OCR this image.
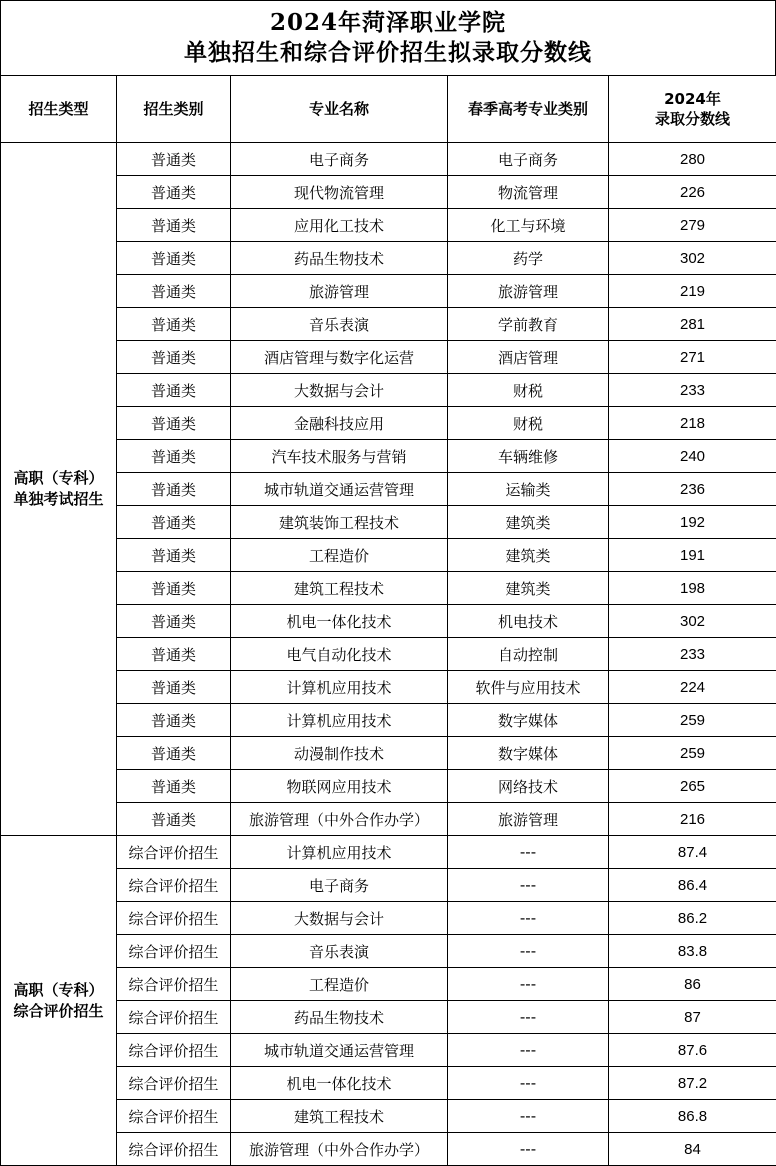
2024年菏泽职业学院
单独招生和综合评价招生拟录取分数线
招生类型	招生类别	专业名称	春季高考专业类别	2024年
录取分数线
高职（专科）
单独考试招生	普通类	电子商务	电子商务	280
	普通类	现代物流管理	物流管理	226
	普通类	应用化工技术	化工与环境	279
	普通类	药品生物技术	药学	302
	普通类	旅游管理	旅游管理	219
	普通类	音乐表演	学前教育	281
	普通类	酒店管理与数字化运营	酒店管理	271
	普通类	大数据与会计	财税	233
	普通类	金融科技应用	财税	218
	普通类	汽车技术服务与营销	车辆维修	240
	普通类	城市轨道交通运营管理	运输类	236
	普通类	建筑装饰工程技术	建筑类	192
	普通类	工程造价	建筑类	191
	普通类	建筑工程技术	建筑类	198
	普通类	机电一体化技术	机电技术	302
	普通类	电气自动化技术	自动控制	233
	普通类	计算机应用技术	软件与应用技术	224
	普通类	计算机应用技术	数字媒体	259
	普通类	动漫制作技术	数字媒体	259
	普通类	物联网应用技术	网络技术	265
	普通类	旅游管理（中外合作办学）	旅游管理	216
高职（专科）
综合评价招生	综合评价招生	计算机应用技术	---	87.4
	综合评价招生	电子商务	---	86.4
	综合评价招生	大数据与会计	---	86.2
	综合评价招生	音乐表演	---	83.8
	综合评价招生	工程造价	---	86
	综合评价招生	药品生物技术	---	87
	综合评价招生	城市轨道交通运营管理	---	87.6
	综合评价招生	机电一体化技术	---	87.2
	综合评价招生	建筑工程技术	---	86.8
	综合评价招生	旅游管理（中外合作办学）	---	84
